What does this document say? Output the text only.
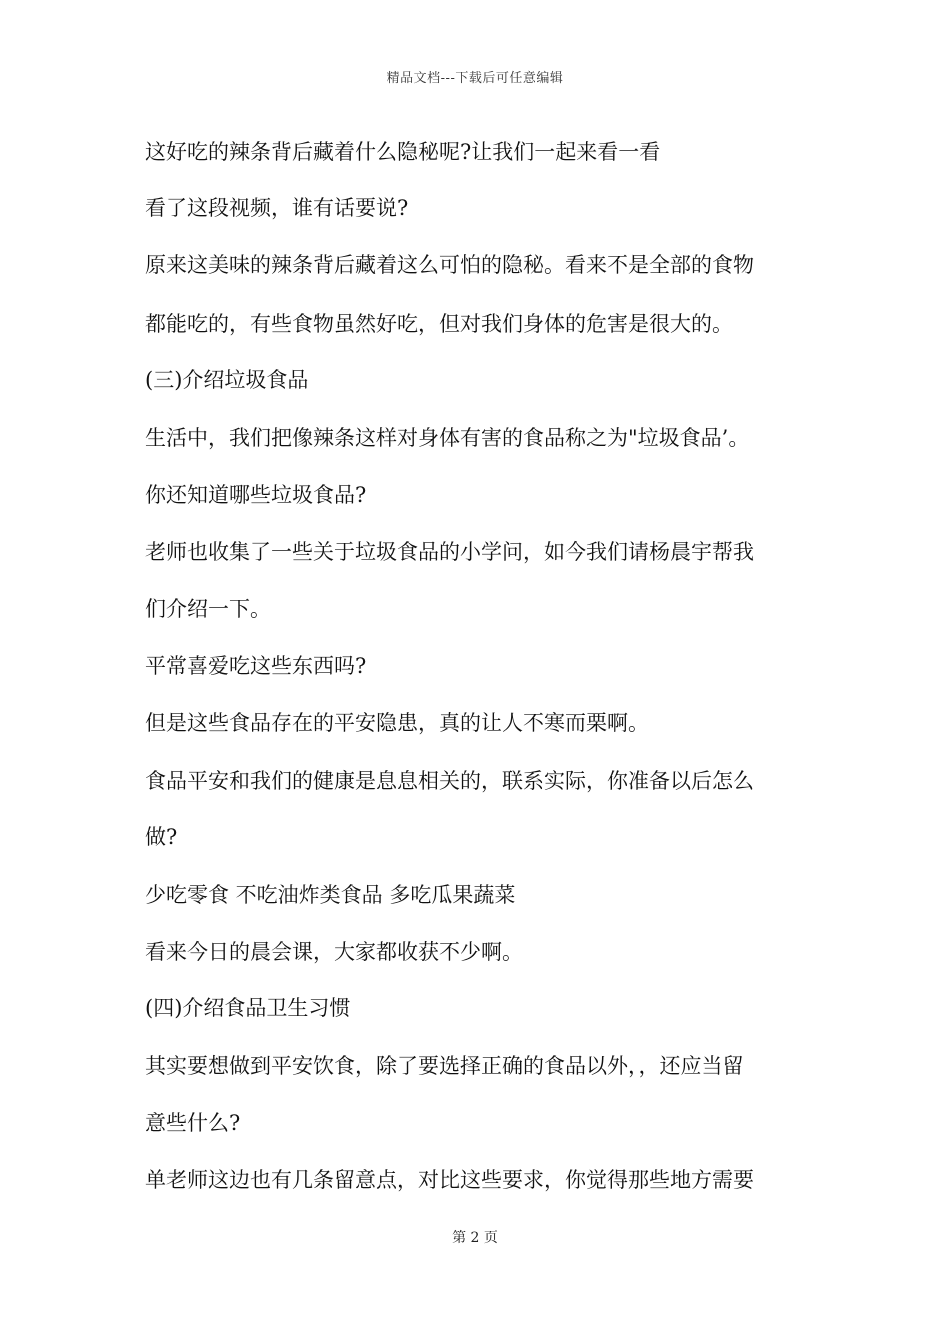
精品文档---下载后可任意编辑
这好吃的辣条背后藏着什么隐秘呢?让我们一起来看一看
看了这段视频，谁有话要说?
原来这美味的辣条背后藏着这么可怕的隐秘。看来不是全部的食物
都能吃的，有些食物虽然好吃，但对我们身体的危害是很大的。
(三)介绍垃圾食品
生活中，我们把像辣条这样对身体有害的食品称之为"垃圾食品’。
你还知道哪些垃圾食品?
老师也收集了一些关于垃圾食品的小学问，如今我们请杨晨宇帮我
们介绍一下。
平常喜爱吃这些东西吗?
但是这些食品存在的平安隐患，真的让人不寒而栗啊。
食品平安和我们的健康是息息相关的，联系实际，你准备以后怎么
做?
少吃零食 不吃油炸类食品 多吃瓜果蔬菜
看来今日的晨会课，大家都收获不少啊。
(四)介绍食品卫生习惯
其实要想做到平安饮食，除了要选择正确的食品以外，，还应当留
意些什么?
单老师这边也有几条留意点，对比这些要求，你觉得那些地方需要
第 2 页
